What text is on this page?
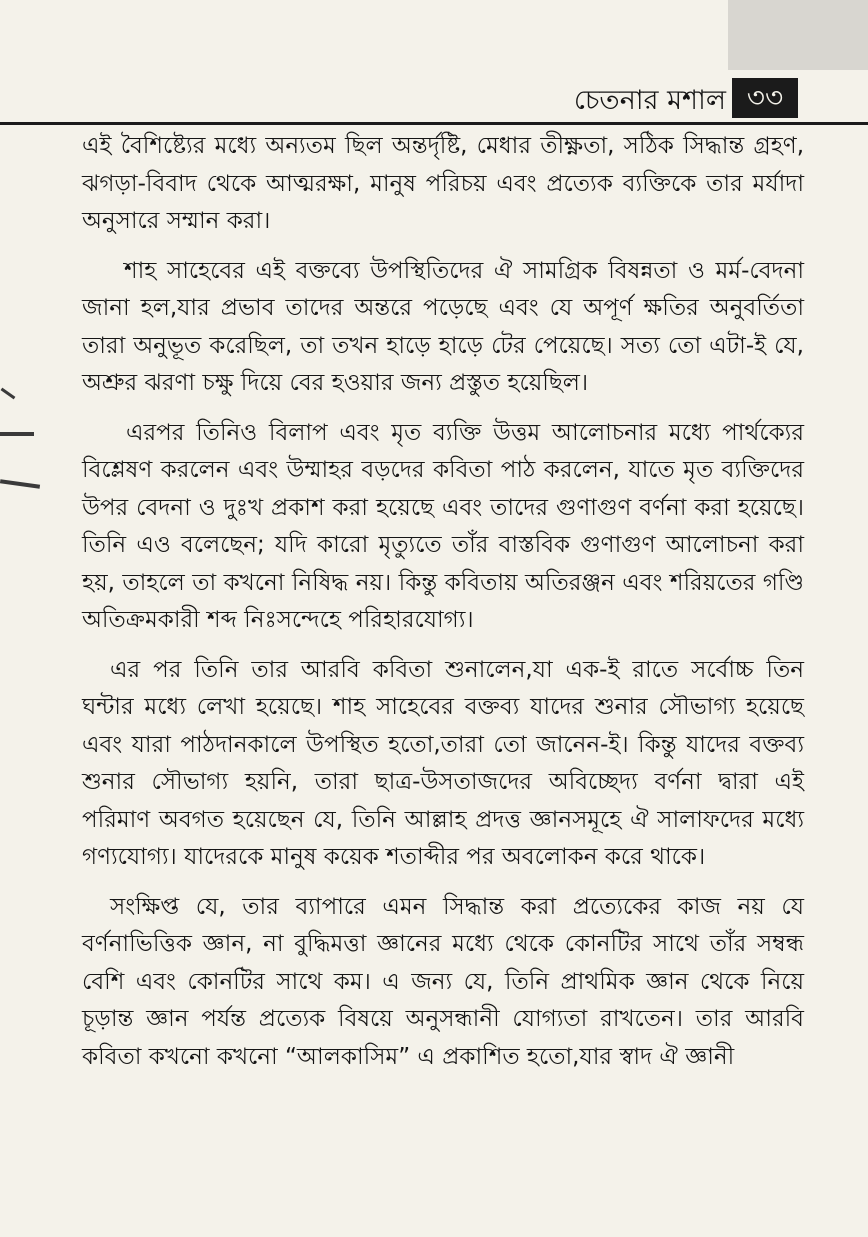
চেতনার মশাল ৩৩

এই বৈশিষ্ট্যের মধ্যে অন্যতম ছিল অন্তর্দৃষ্টি, মেধার তীক্ষ্ণতা, সঠিক সিদ্ধান্ত গ্রহণ, ঝগড়া-বিবাদ থেকে আত্মরক্ষা, মানুষ পরিচয় এবং প্রত্যেক ব্যক্তিকে তার মর্যাদা অনুসারে সম্মান করা।

শাহ সাহেবের এই বক্তব্যে উপস্থিতিদের ঐ সামগ্রিক বিষন্নতা ও মর্ম-বেদনা জানা হল,যার প্রভাব তাদের অন্তরে পড়েছে এবং যে অপূর্ণ ক্ষতির অনুবর্তিতা তারা অনুভূত করেছিল, তা তখন হাড়ে হাড়ে টের পেয়েছে। সত্য তো এটা-ই যে, অশ্রুর ঝরণা চক্ষু দিয়ে বের হওয়ার জন্য প্রস্তুত হয়েছিল।

এরপর তিনিও বিলাপ এবং মৃত ব্যক্তি উত্তম আলোচনার মধ্যে পার্থক্যের বিশ্লেষণ করলেন এবং উম্মাহর বড়দের কবিতা পাঠ করলেন, যাতে মৃত ব্যক্তিদের উপর বেদনা ও দুঃখ প্রকাশ করা হয়েছে এবং তাদের গুণাগুণ বর্ণনা করা হয়েছে। তিনি এও বলেছেন; যদি কারো মৃত্যুতে তাঁর বাস্তবিক গুণাগুণ আলোচনা করা হয়, তাহলে তা কখনো নিষিদ্ধ নয়। কিন্তু কবিতায় অতিরঞ্জন এবং শরিয়তের গণ্ডি অতিক্রমকারী শব্দ নিঃসন্দেহে পরিহারযোগ্য।

এর পর তিনি তার আরবি কবিতা শুনালেন,যা এক-ই রাতে সর্বোচ্চ তিন ঘন্টার মধ্যে লেখা হয়েছে। শাহ সাহেবের বক্তব্য যাদের শুনার সৌভাগ্য হয়েছে এবং যারা পাঠদানকালে উপস্থিত হতো,তারা তো জানেন-ই। কিন্তু যাদের বক্তব্য শুনার সৌভাগ্য হয়নি, তারা ছাত্র-উসতাজদের অবিচ্ছেদ্য বর্ণনা দ্বারা এই পরিমাণ অবগত হয়েছেন যে, তিনি আল্লাহ প্রদত্ত জ্ঞানসমূহে ঐ সালাফদের মধ্যে গণ্যযোগ্য। যাদেরকে মানুষ কয়েক শতাব্দীর পর অবলোকন করে থাকে।

সংক্ষিপ্ত যে, তার ব্যাপারে এমন সিদ্ধান্ত করা প্রত্যেকের কাজ নয় যে বর্ণনাভিত্তিক জ্ঞান, না বুদ্ধিমত্তা জ্ঞানের মধ্যে থেকে কোনটির সাথে তাঁর সম্বন্ধ বেশি এবং কোনটির সাথে কম। এ জন্য যে, তিনি প্রাথমিক জ্ঞান থেকে নিয়ে চূড়ান্ত জ্ঞান পর্যন্ত প্রত্যেক বিষয়ে অনুসন্ধানী যোগ্যতা রাখতেন। তার আরবি কবিতা কখনো কখনো “আলকাসিম” এ প্রকাশিত হতো,যার স্বাদ ঐ জ্ঞানী
